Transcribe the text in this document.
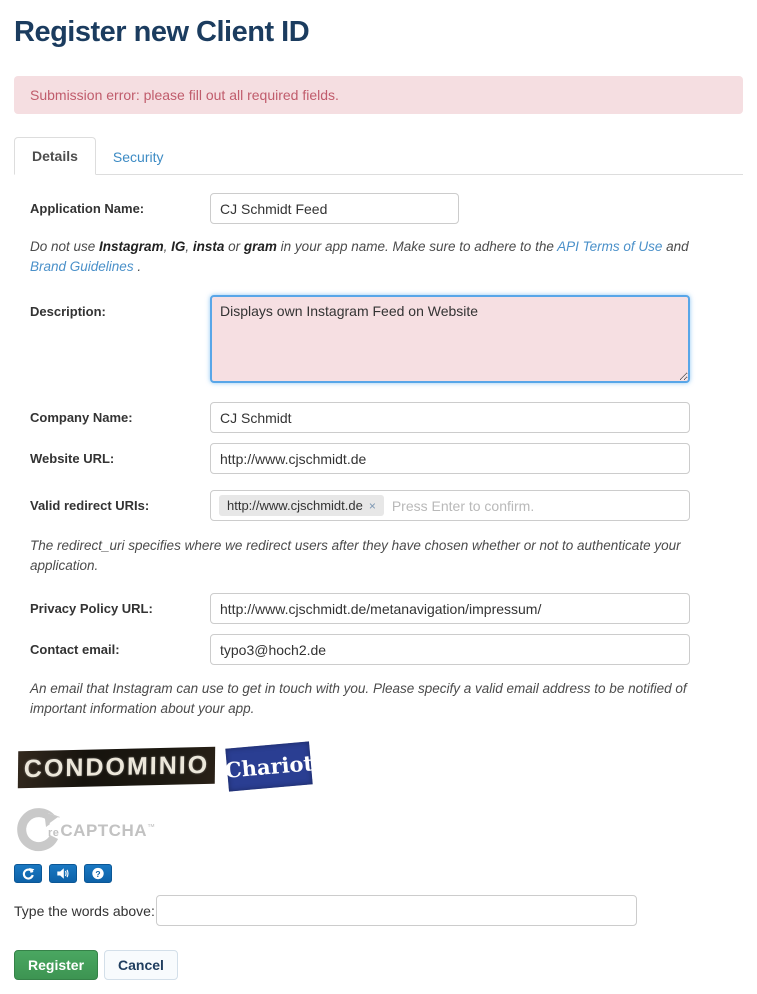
Register new Client ID
Submission error: please fill out all required fields.
Details	Security
Application Name:
CJ Schmidt Feed
Do not use Instagram, IG, insta or gram in your app name. Make sure to adhere to the API Terms of Use and Brand Guidelines .
Description:
Displays own Instagram Feed on Website
Company Name:
CJ Schmidt
Website URL:
http://www.cjschmidt.de
Valid redirect URIs:	http://www.cjschmidt.de ×
Press Enter to confirm.
The redirect_uri specifies where we redirect users after they have chosen whether or not to authenticate your application.
Privacy Policy URL:
http://www.cjschmidt.de/metanavigation/impressum/
Contact email:
typo3@hoch2.de
An email that Instagram can use to get in touch with you. Please specify a valid email address to be notified of important information about your app.
CONDOMINIO Chariot
reCAPTCHA™
?
Type the words above:
Register	Cancel
